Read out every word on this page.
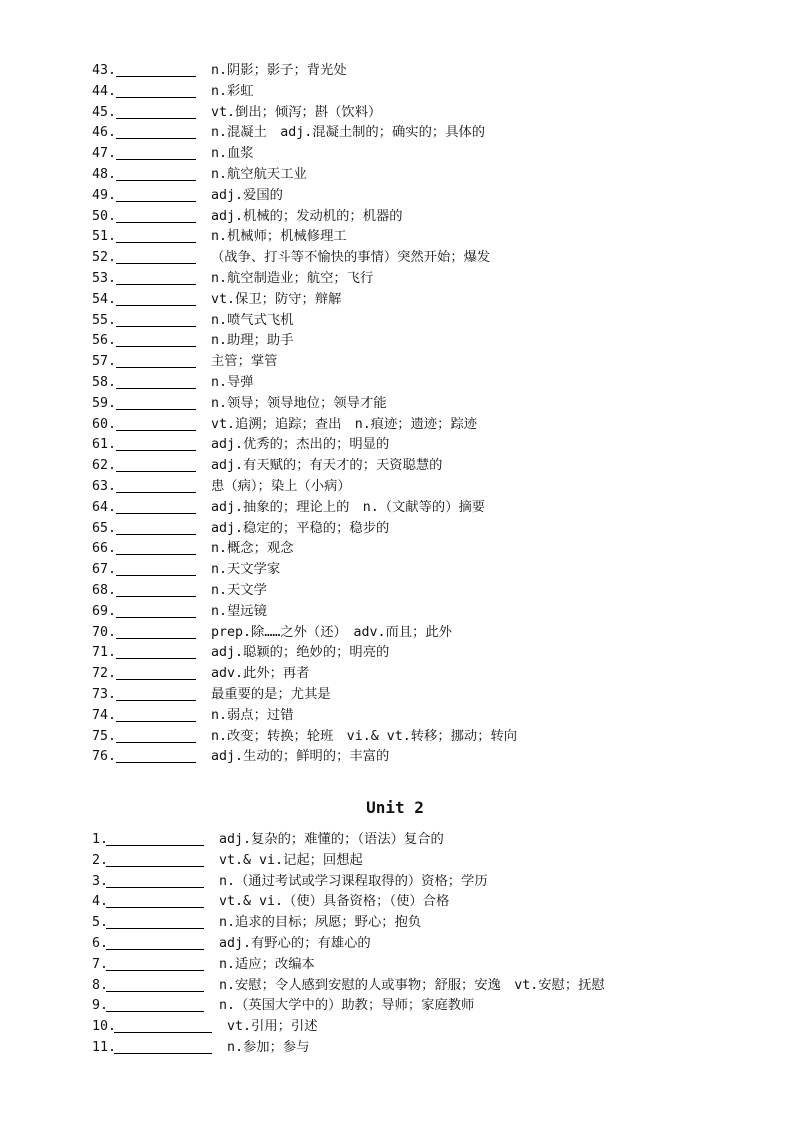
43.	n.阴影；影子；背光处
44.	n.彩虹
45.	vt.倒出；倾泻；斟（饮料）
46.	n.混凝土　adj.混凝土制的；确实的；具体的
47.	n.血浆
48.	n.航空航天工业
49.	adj.爱国的
50.	adj.机械的；发动机的；机器的
51.	n.机械师；机械修理工
52.	（战争、打斗等不愉快的事情）突然开始；爆发
53.	n.航空制造业；航空；飞行
54.	vt.保卫；防守；辩解
55.	n.喷气式飞机
56.	n.助理；助手
57.	主管；掌管
58.	n.导弹
59.	n.领导；领导地位；领导才能
60.	vt.追溯；追踪；查出　n.痕迹；遗迹；踪迹
61.	adj.优秀的；杰出的；明显的
62.	adj.有天赋的；有天才的；天资聪慧的
63.	患（病）；染上（小病）
64.	adj.抽象的；理论上的　n.（文献等的）摘要
65.	adj.稳定的；平稳的；稳步的
66.	n.概念；观念
67.	n.天文学家
68.	n.天文学
69.	n.望远镜
70.	prep.除……之外（还）　adv.而且；此外
71.	adj.聪颖的；绝妙的；明亮的
72.	adv.此外；再者
73.	最重要的是；尤其是
74.	n.弱点；过错
75.	n.改变；转换；轮班　vi.& vt.转移；挪动；转向
76.	adj.生动的；鲜明的；丰富的
Unit 2
1.	adj.复杂的；难懂的；（语法）复合的
2.	vt.& vi.记起；回想起
3.	n.（通过考试或学习课程取得的）资格；学历
4.	vt.& vi.（使）具备资格；（使）合格
5.	n.追求的目标；夙愿；野心；抱负
6.	adj.有野心的；有雄心的
7.	n.适应；改编本
8.	n.安慰；令人感到安慰的人或事物；舒服；安逸　vt.安慰；抚慰
9.	n.（英国大学中的）助教；导师；家庭教师
10.	vt.引用；引述
11.	n.参加；参与
